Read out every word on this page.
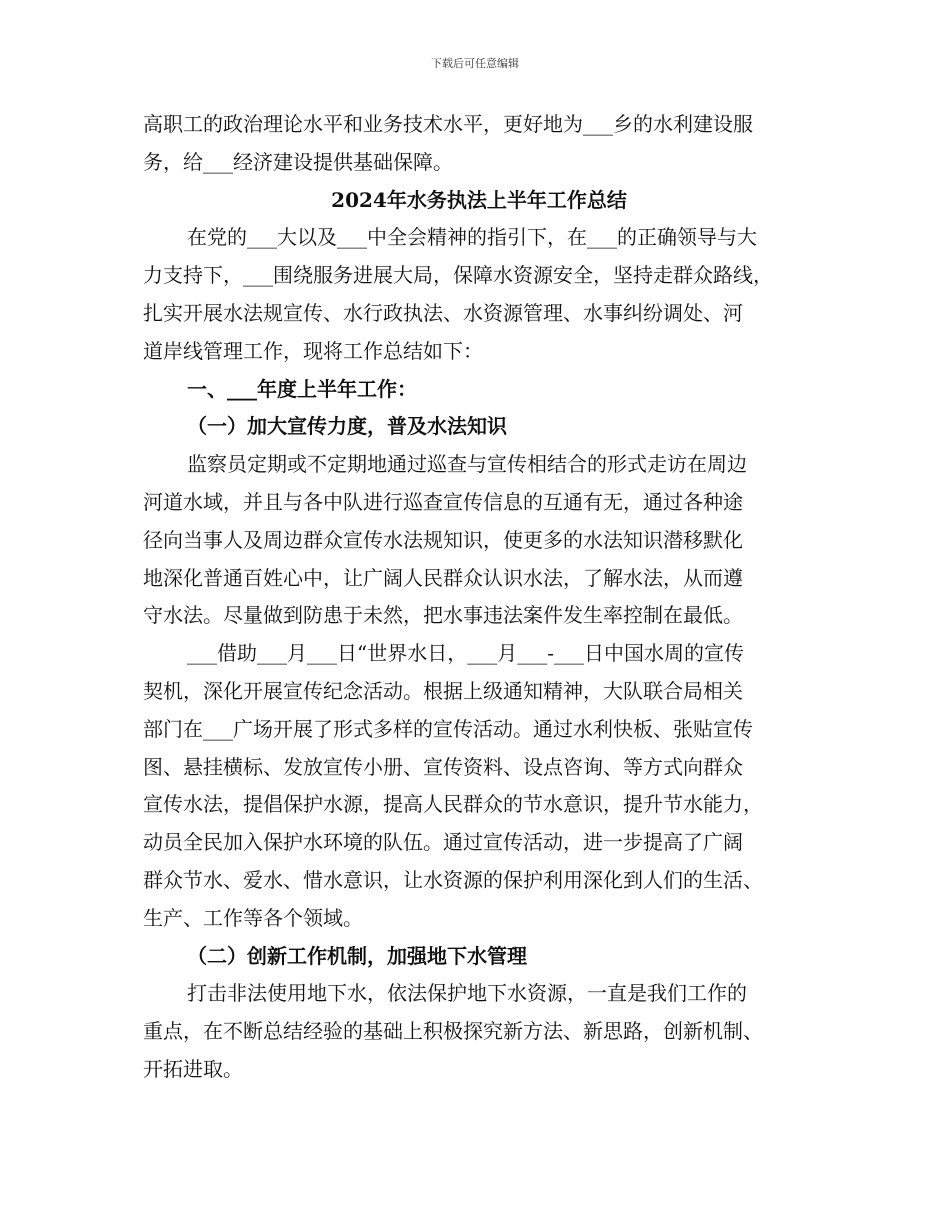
下载后可任意编辑
高职工的政治理论水平和业务技术水平，更好地为___乡的水利建设服
务，给___经济建设提供基础保障。
2024年水务执法上半年工作总结
在党的___大以及___中全会精神的指引下，在___的正确领导与大
力支持下，___围绕服务进展大局，保障水资源安全，坚持走群众路线，
扎实开展水法规宣传、水行政执法、水资源管理、水事纠纷调处、河
道岸线管理工作，现将工作总结如下：
一、___年度上半年工作：
（一）加大宣传力度，普及水法知识
监察员定期或不定期地通过巡查与宣传相结合的形式走访在周边
河道水域，并且与各中队进行巡查宣传信息的互通有无，通过各种途
径向当事人及周边群众宣传水法规知识，使更多的水法知识潜移默化
地深化普通百姓心中，让广阔人民群众认识水法，了解水法，从而遵
守水法。尽量做到防患于未然，把水事违法案件发生率控制在最低。
___借助___月___日“世界水日，___月___-___日中国水周的宣传
契机，深化开展宣传纪念活动。根据上级通知精神，大队联合局相关
部门在___广场开展了形式多样的宣传活动。通过水利快板、张贴宣传
图、悬挂横标、发放宣传小册、宣传资料、设点咨询、等方式向群众
宣传水法，提倡保护水源，提高人民群众的节水意识，提升节水能力，
动员全民加入保护水环境的队伍。通过宣传活动，进一步提高了广阔
群众节水、爱水、惜水意识，让水资源的保护利用深化到人们的生活、
生产、工作等各个领域。
（二）创新工作机制，加强地下水管理
打击非法使用地下水，依法保护地下水资源，一直是我们工作的
重点，在不断总结经验的基础上积极探究新方法、新思路，创新机制、
开拓进取。
